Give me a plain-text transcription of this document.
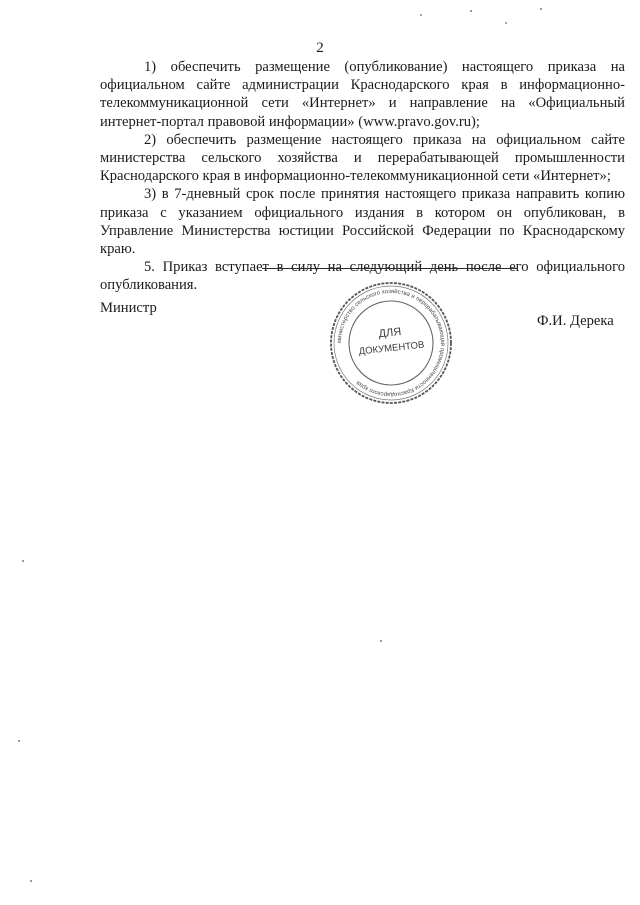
2

1) обеспечить размещение (опубликование) настоящего приказа на официальном сайте администрации Краснодарского края в информационно-телекоммуникационной сети «Интернет» и направление на «Официальный интернет-портал правовой информации» (www.pravo.gov.ru);

2) обеспечить размещение настоящего приказа на официальном сайте министерства сельского хозяйства и перерабатывающей промышленности Краснодарского края в информационно-телекоммуникационной сети «Интернет»;

3) в 7-дневный срок после принятия настоящего приказа направить копию приказа с указанием официального издания в котором он опубликован, в Управление Министерства юстиции Российской Федерации по Краснодарскому краю.

5. Приказ вступает в силу на следующий день после его официального опубликования.

Министр
Ф.И. Дерека
министерство сельского хозяйства и перерабатывающей промышленности Краснодарского края
ДЛЯ
ДОКУМЕНТОВ
